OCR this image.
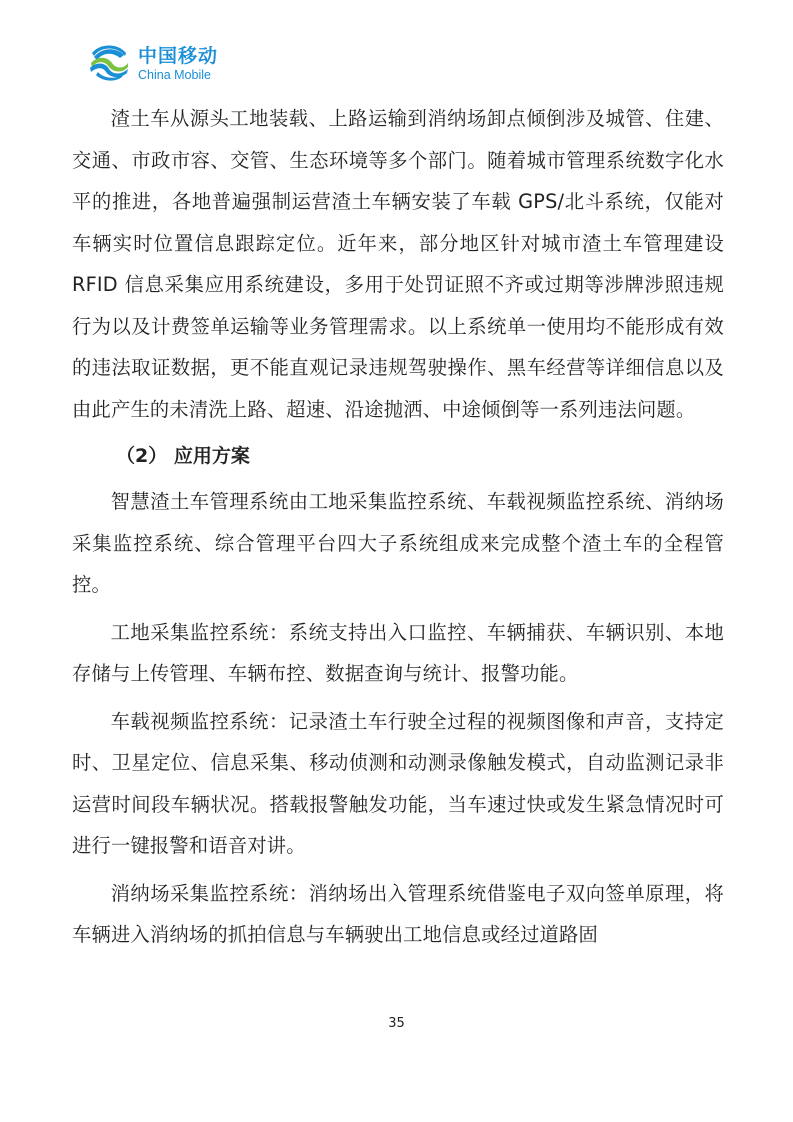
中国移动
China Mobile

渣土车从源头工地装载、上路运输到消纳场卸点倾倒涉及城管、住建、交通、市政市容、交管、生态环境等多个部门。随着城市管理系统数字化水平的推进，各地普遍强制运营渣土车辆安装了车载 GPS/北斗系统，仅能对车辆实时位置信息跟踪定位。近年来，部分地区针对城市渣土车管理建设 RFID 信息采集应用系统建设，多用于处罚证照不齐或过期等涉牌涉照违规行为以及计费签单运输等业务管理需求。以上系统单一使用均不能形成有效的违法取证数据，更不能直观记录违规驾驶操作、黑车经营等详细信息以及由此产生的未清洗上路、超速、沿途抛洒、中途倾倒等一系列违法问题。

（2） 应用方案

智慧渣土车管理系统由工地采集监控系统、车载视频监控系统、消纳场采集监控系统、综合管理平台四大子系统组成来完成整个渣土车的全程管控。

工地采集监控系统：系统支持出入口监控、车辆捕获、车辆识别、本地存储与上传管理、车辆布控、数据查询与统计、报警功能。

车载视频监控系统：记录渣土车行驶全过程的视频图像和声音，支持定时、卫星定位、信息采集、移动侦测和动测录像触发模式，自动监测记录非运营时间段车辆状况。搭载报警触发功能，当车速过快或发生紧急情况时可进行一键报警和语音对讲。

消纳场采集监控系统：消纳场出入管理系统借鉴电子双向签单原理，将车辆进入消纳场的抓拍信息与车辆驶出工地信息或经过道路固

35
